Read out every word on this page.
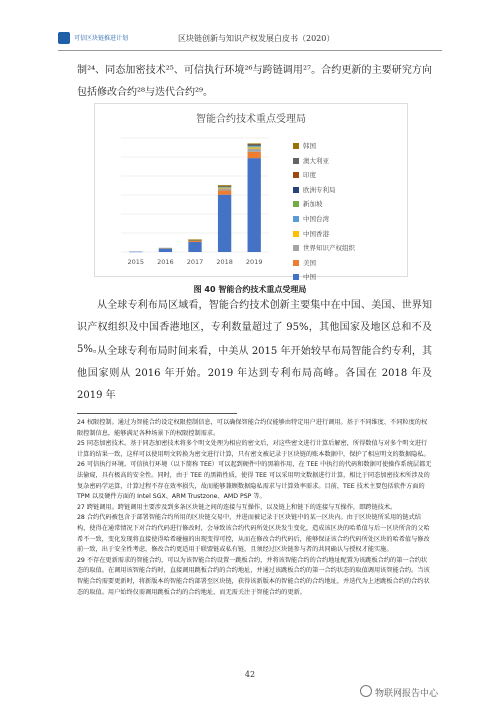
可信区块链推进计划	区块链创新与知识产权发展白皮书（2020）
制²⁴、同态加密技术²⁵、可信执行环境²⁶与跨链调用²⁷。合约更新的主要研究方向包括修改合约²⁸与迭代合约²⁹。
智能合约技术重点受理局
2015 2016 2017 2018 2019
韩国
澳大利亚
印度
欧洲专利局
新加坡
中国台湾
中国香港
世界知识产权组织
美国
中国
图 40 智能合约技术重点受理局
从全球专利布局区域看，智能合约技术创新主要集中在中国、美国、世界知识产权组织及中国香港地区，专利数量超过了 95%，其他国家及地区总和不及 5%。
从全球专利布局时间来看，中美从 2015 年开始较早布局智能合约专利，其他国家则从 2016 年开始。2019 年达到专利布局高峰。各国在 2018 年及 2019 年

24 权限控制。通过为智能合约设定权限控制信息，可以确保智能合约仅能够由特定用户进行调用。基于不同维度、不同粒度的权限控制信息，能够满足各种场景下的权限控制需求。

25 同态加密技术。基于同态加密技术将多个明文处理为相应的密文后，对这些密文进行计算后解密，所得数值与对多个明文进行计算的结果一致，这样可以使用明文转换为密文进行计算，只有密文被记录于区块链的账本数据中，保护了相应明文的数据隐私。

26 可信执行环境。可信执行环境（以下简称 TEE）可以起到硬件中的黑箱作用，在 TEE 中执行的代码和数据可使操作系统层都无法偷窥，具有极高的安全性。同时，由于 TEE 的黑箱性质，使得 TEE 可以采用明文数据进行计算，相比于同态加密技术所涉及的复杂密码学运算，计算过程不存在效率损失，故而能够兼顾数据隐私需求与计算效率需求。目前，TEE 技术主要包括软件方面的 TPM 以及硬件方面的 Intel SGX、ARM Trustzone、AMD PSP 等。

27 跨链调用。跨链调用主要涉及到多条区块链之间的连接与互操作，以及链上和链下的连接与互操作，即跨链技术。

28 合约代码被包含于部署智能合约所用的区块链交易中，并进而被记录于区块链中的某一区块内。由于区块链所采用的链式结构，使得在通常情况下对合约代码进行修改时，会导致该合约代码所处区块发生变化，造成该区块的哈希值与后一区块所含的父哈希不一致，变化发现将直接使得哈希碰撞的出现变得可控，从而在修改合约代码后，能够保证该合约代码所处区块的哈希值与修改前一致，出于安全性考虑，修改合约更适用于联盟链或私有链，且须经过区块链参与者的共同确认与授权才能实施。

29 不存在更新需求的智能合约，可以为该智能合约设置一跳板合约，并将该智能合约的合约地址配置为该跳板合约的第一合约状态的取值。在调用该智能合约时，直接调用跳板合约的合约地址，并通过该跳板合约的第一合约状态的取值调用该智能合约。当该智能合约需要更新时，将新版本的智能合约部署至区块链，获得该新版本的智能合约的合约地址，并迭代为上述跳板合约的合约状态的取值。用户始终仅需调用跳板合约的合约地址，而无需关注于智能合约的更新。

42
物联网报告中心
